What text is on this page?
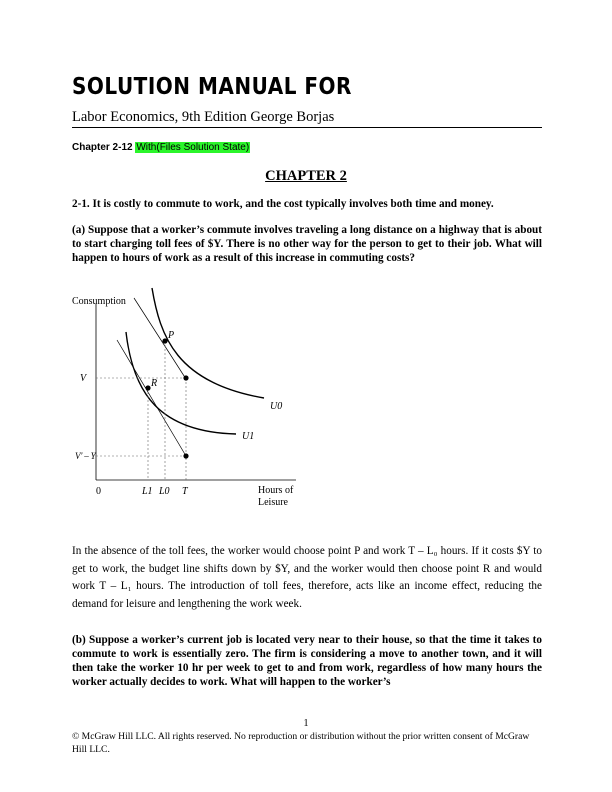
SOLUTION MANUAL FOR
Labor Economics, 9th Edition George Borjas
Chapter 2-12 With(Files Solution State)
CHAPTER 2
2-1. It is costly to commute to work, and the cost typically involves both time and money.
(a) Suppose that a worker’s commute involves traveling a long distance on a highway that is about to start charging toll fees of $Y. There is no other way for the person to get to their job. What will happen to hours of work as a result of this increase in commuting costs?
Consumption
V
V′ – Y
P
R
U0
U1
0	L1 L0 T	Hours of
Leisure
In the absence of the toll fees, the worker would choose point P and work T – L₀ hours. If it costs $Y to get to work, the budget line shifts down by $Y, and the worker would then choose point R and would work T – L₁ hours. The introduction of toll fees, therefore, acts like an income effect, reducing the demand for leisure and lengthening the work week.
(b) Suppose a worker’s current job is located very near to their house, so that the time it takes to commute to work is essentially zero. The firm is considering a move to another town, and it will then take the worker 10 hr per week to get to and from work, regardless of how many hours the worker actually decides to work. What will happen to the worker’s
1
© McGraw Hill LLC. All rights reserved. No reproduction or distribution without the prior written consent of McGraw Hill LLC.
